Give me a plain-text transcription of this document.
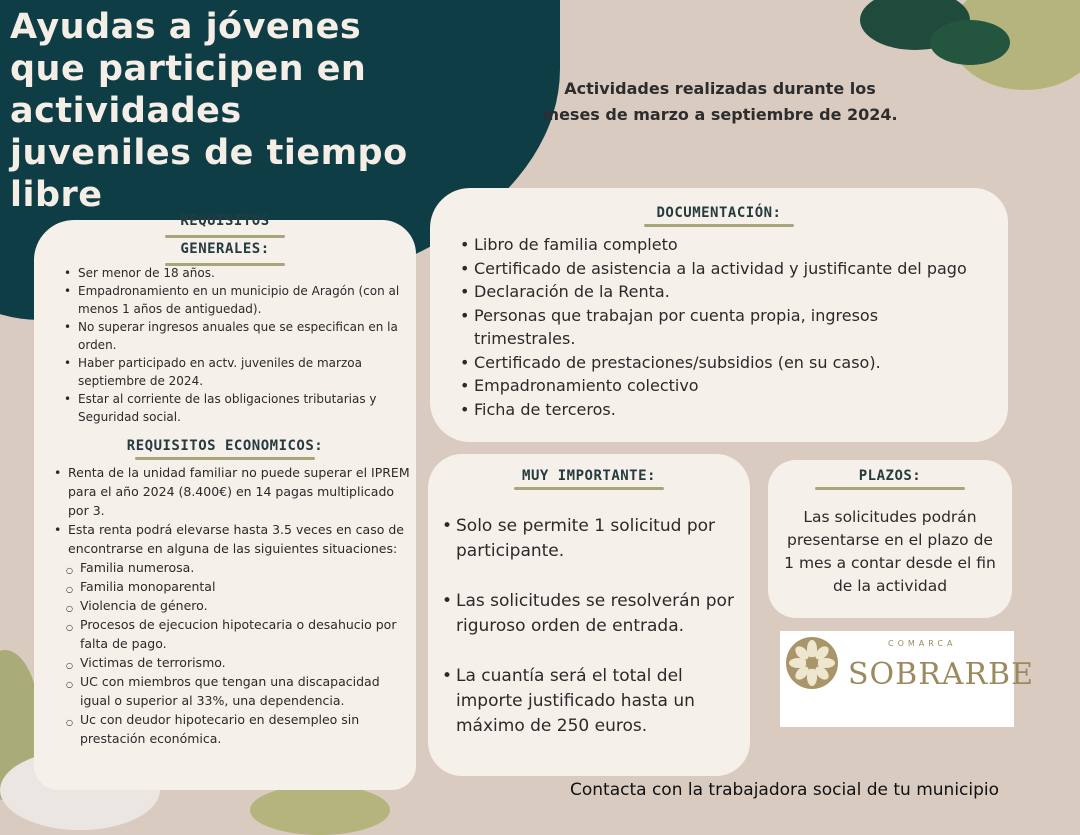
Ayudas a jóvenes que participen en actividades juveniles de tiempo libre
Actividades realizadas durante los
meses de marzo a septiembre de 2024.
REQUISITOS
GENERALES:
• Ser menor de 18 años.
• Empadronamiento en un municipio de Aragón (con al menos 1 años de antiguedad).
• No superar ingresos anuales que se especifican en la orden.
• Haber participado en actv. juveniles de marzoa septiembre de 2024.
• Estar al corriente de las obligaciones tributarias y Seguridad social.
REQUISITOS ECONOMICOS:
• Renta de la unidad familiar no puede superar el IPREM para el año 2024 (8.400€) en 14 pagas multiplicado por 3.
• Esta renta podrá elevarse hasta 3.5 veces en caso de encontrarse en alguna de las siguientes situaciones:
○ Familia numerosa.
○ Familia monoparental
○ Violencia de género.
○ Procesos de ejecucion hipotecaria o desahucio por falta de pago.
○ Victimas de terrorismo.
○ UC con miembros que tengan una discapacidad igual o superior al 33%, una dependencia.
○ Uc con deudor hipotecario en desempleo sin prestación económica.
DOCUMENTACIÓN:
• Libro de familia completo
• Certificado de asistencia a la actividad y justificante del pago
• Declaración de la Renta.
• Personas que trabajan por cuenta propia, ingresos trimestrales.
• Certificado de prestaciones/subsidios (en su caso).
• Empadronamiento colectivo
• Ficha de terceros.
MUY IMPORTANTE:
• Solo se permite 1 solicitud por participante.
• Las solicitudes se resolverán por riguroso orden de entrada.
• La cuantía será el total del importe justificado hasta un máximo de 250 euros.
PLAZOS:
Las solicitudes podrán presentarse en el plazo de 1 mes a contar desde el fin de la actividad
COMARCA
SOBRARBE
Contacta con la trabajadora social de tu municipio
